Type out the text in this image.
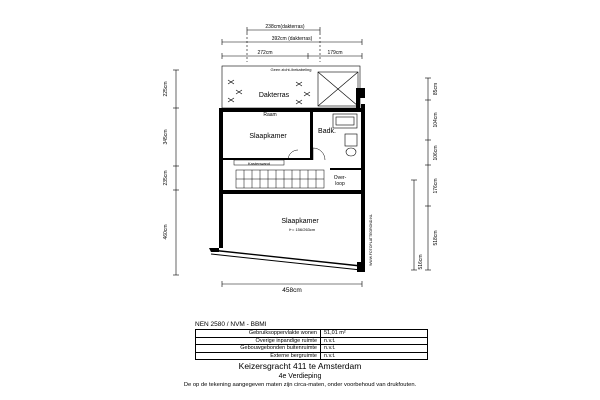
238cm(dakterras)
392cm (dakterras)
272cm	179cm
Geen zicht-/bekabeling
Dakterras
Raam
Slaapkamer
Badk.
Kastenwand
Over-
loop
Slaapkamer
l+= 156/263cm
458cm
225cm
345cm
235cm
460cm
85cm
104cm
106cm
176cm
518cm
516cm
WWW.FOTOPLATTEGROND.NL
NEN 2580 / NVM - BBMI
Gebruiksoppervlakte wonen	51,01 m²
Overige inpandige ruimte	n.v.t.
Gebouwgebonden buitenruimte	n.v.t.
Externe bergruimte	n.v.t.
Keizersgracht 411 te Amsterdam
4e Verdieping
De op de tekening aangegeven maten zijn circa-maten, onder voorbehoud van drukfouten.
